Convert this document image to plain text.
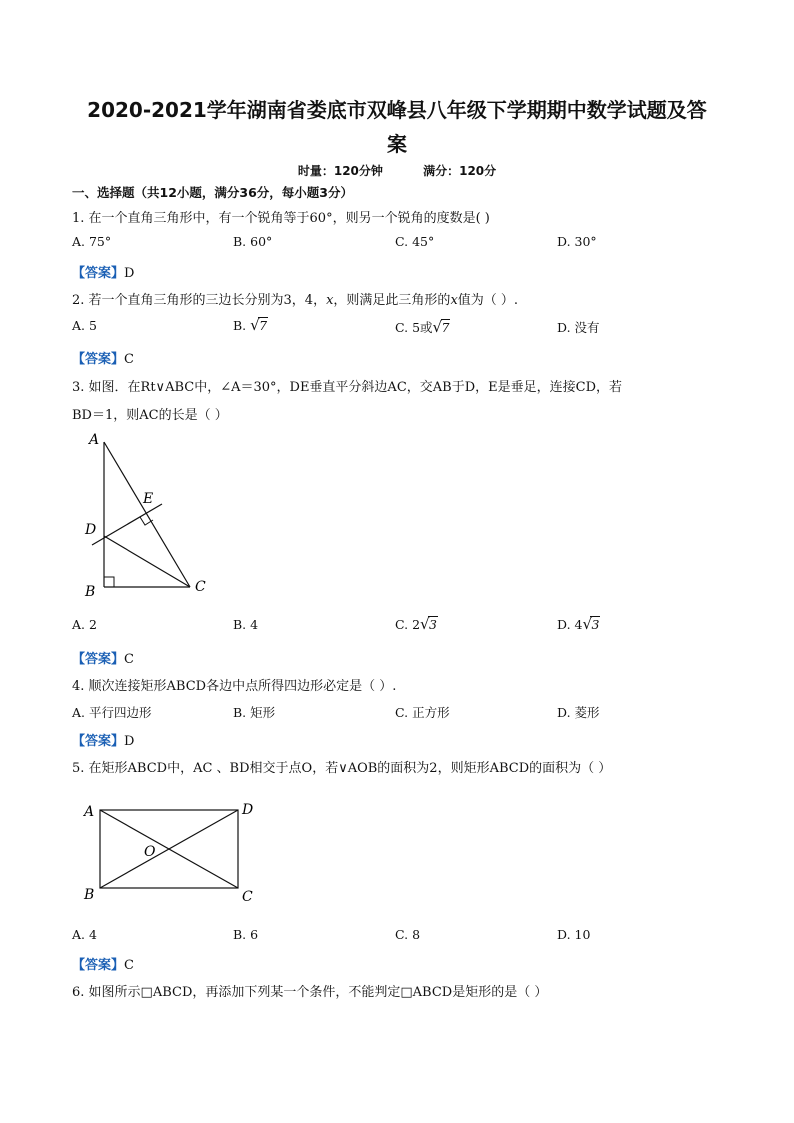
2020-2021学年湖南省娄底市双峰县八年级下学期期中数学试题及答
案
时量：120分钟	满分：120分
一、选择题（共12小题，满分36分，每小题3分）
1. 在一个直角三角形中，有一个锐角等于60°，则另一个锐角的度数是( )
A. 75°	B. 60°	C. 45°	D. 30°
【答案】D
2. 若一个直角三角形的三边长分别为3，4，x，则满足此三角形的x值为（ ）.
A. 5	B. √ 7	C. 5或 √ 7	D. 没有
【答案】C
3. 如图．在Rt∨ABC中，∠A＝30°，DE垂直平分斜边AC，交AB于D，E是垂足，连接CD，若
BD＝1，则AC的长是（ ）
A
D
E
B	C
A. 2	B. 4	C. 2 √ 3	D. 4 √ 3
【答案】C
4. 顺次连接矩形ABCD各边中点所得四边形必定是（ ）.
A. 平行四边形	B. 矩形	C. 正方形	D. 菱形
【答案】D
5. 在矩形ABCD中，AC 、BD相交于点O，若∨AOB的面积为2，则矩形ABCD的面积为（ ）
A	D
O
B	C
A. 4	B. 6	C. 8	D. 10
【答案】C
6. 如图所示□ABCD，再添加下列某一个条件，不能判定□ABCD是矩形的是（ ）
